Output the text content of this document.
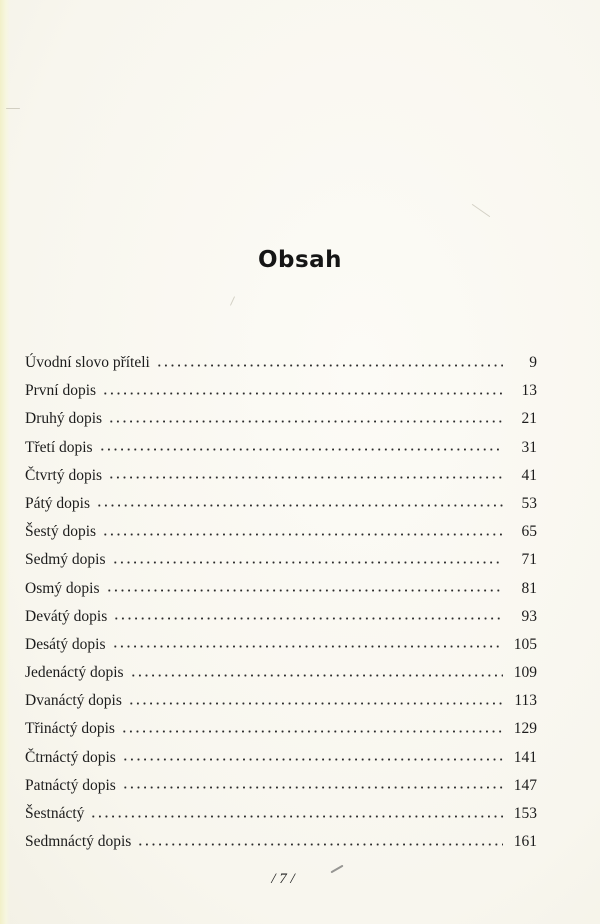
Obsah
Úvodní slovo příteli	9
První dopis	13
Druhý dopis	21
Třetí dopis	31
Čtvrtý dopis	41
Pátý dopis	53
Šestý dopis	65
Sedmý dopis	71
Osmý dopis	81
Devátý dopis	93
Desátý dopis	105
Jedenáctý dopis	109
Dvanáctý dopis	113
Třináctý dopis	129
Čtrnáctý dopis	141
Patnáctý dopis	147
Šestnáctý	153
Sedmnáctý dopis	161
/ 7 /
